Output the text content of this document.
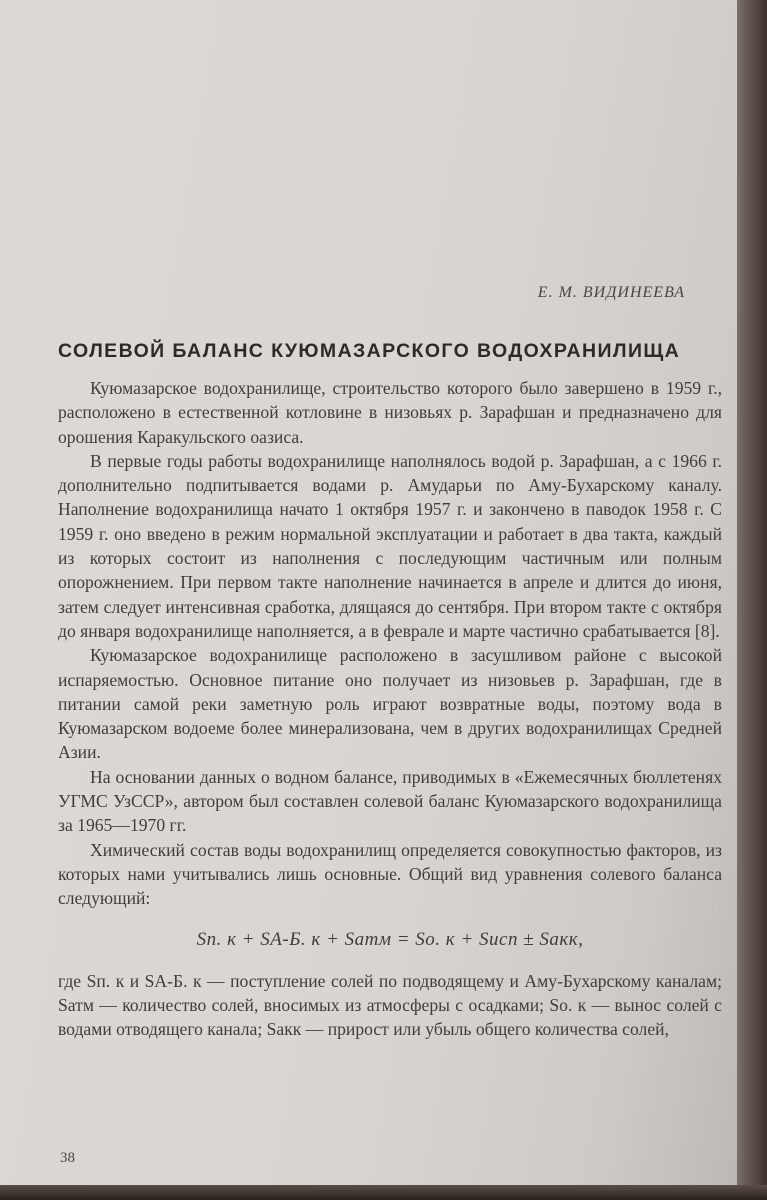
Е. М. ВИДИНЕЕВА
СОЛЕВОЙ БАЛАНС КУЮМАЗАРСКОГО ВОДОХРАНИЛИЩА

Куюмазарское водохранилище, строительство которого было завершено в 1959 г., расположено в естественной котловине в низовьях р. Зарафшан и предназначено для орошения Каракульского оазиса.

В первые годы работы водохранилище наполнялось водой р. Зарафшан, а с 1966 г. дополнительно подпитывается водами р. Амударьи по Аму-Бухарскому каналу. Наполнение водохранилища начато 1 октября 1957 г. и закончено в паводок 1958 г. С 1959 г. оно введено в режим нормальной эксплуатации и работает в два такта, каждый из которых состоит из наполнения с последующим частичным или полным опорожнением. При первом такте наполнение начинается в апреле и длится до июня, затем следует интенсивная сработка, длящаяся до сентября. При втором такте с октября до января водохранилище наполняется, а в феврале и марте частично срабатывается [8].

Куюмазарское водохранилище расположено в засушливом районе с высокой испаряемостью. Основное питание оно получает из низовьев р. Зарафшан, где в питании самой реки заметную роль играют возвратные воды, поэтому вода в Куюмазарском водоеме более минерализована, чем в других водохранилищах Средней Азии.

На основании данных о водном балансе, приводимых в «Ежемесячных бюллетенях УГМС УзССР», автором был составлен солевой баланс Куюмазарского водохранилища за 1965—1970 гг.

Химический состав воды водохранилищ определяется совокупностью факторов, из которых нами учитывались лишь основные. Общий вид уравнения солевого баланса следующий:

Sп. к + SА-Б. к + Sатм = Sо. к + Sисп ± Sакк,

где Sп. к и SА-Б. к — поступление солей по подводящему и Аму-Бухарскому каналам; Sатм — количество солей, вносимых из атмосферы с осадками; Sо. к — вынос солей с водами отводящего канала; Sакк — прирост или убыль общего количества солей,

38
